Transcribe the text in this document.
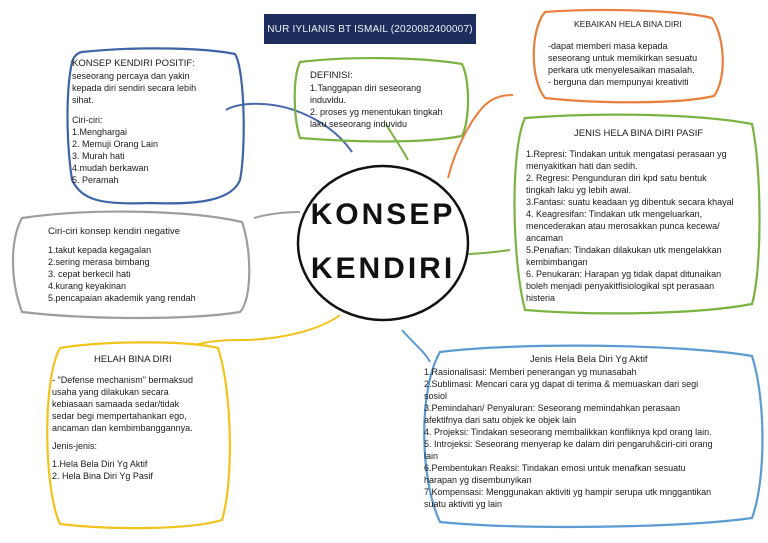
NUR IYLIANIS BT ISMAIL (2020082400007)
KONSEP
KENDIRI

KONSEP KENDIRI POSITIF:

seseorang percaya dan yakin

kepada diri sendiri secara lebih

sihat.

Ciri-ciri:

1.Menghargai

2. Memuji Orang Lain

3. Murah hati

4.mudah berkawan

5. Peramah

DEFINISI:

1.Tanggapan diri seseorang

induvidu.

2. proses yg menentukan tingkah

laku seseorang induvidu

KEBAIKAN HELA BINA DIRI

-dapat memberi masa kepada

seseorang untuk memikirkan sesuatu

perkara utk menyelesaikan masalah.

- berguna dan mempunyai kreativiti

JENIS HELA BINA DIRI PASIF

1.Represi: Tindakan untuk mengatasi perasaan yg

menyakitkan hati dan sedih.

2. Regresi: Pengunduran diri kpd satu bentuk

tingkah laku yg lebih awal.

3.Fantasi: suatu keadaan yg dibentuk secara khayal

4. Keagresifan: Tindakan utk mengeluarkan,

mencederakan atau merosakkan punca kecewa/

ancaman

5.Penafian: Tindakan dilakukan utk mengelakkan

kembimbangan

6. Penukaran: Harapan yg tidak dapat ditunaikan

boleh menjadi penyakitfisiologikal spt perasaan

histeria

Ciri-ciri konsep kendiri negative

1.takut kepada kegagalan

2.sering merasa bimbang

3. cepat berkecil hati

4.kurang keyakinan

5.pencapaian akademik yang rendah

HELAH BINA DIRI

- "Defense mechanism" bermaksud

usaha yang dilakukan secara

kebiasaan samaada sedar/tidak

sedar begi mempertahankan ego,

ancaman dan kembimbanggannya.

Jenis-jenis:

1.Hela Bela Diri Yg Aktif

2. Hela Bina Diri Yg Pasif

Jenis Hela Bela Diri Yg Aktif

1.Rasionalisasi: Memberi penerangan yg munasabah

2.Sublimasi: Mencari cara yg dapat di terima & memuaskan dari segi

sosiol

3.Pemindahan/ Penyaluran: Seseorang memindahkan perasaan

afektifnya dari satu objek ke objek lain

4. Projeksi: Tindakan seseorang membalikkan konfliknya kpd orang lain.

5. Introjeksi: Seseorang menyerap ke dalam diri pengaruh&ciri-ciri orang

lain

6.Pembentukan Reaksi: Tindakan emosi untuk menafkan sesuatu

harapan yg disembunyikan

7.Kompensasi: Menggunakan aktiviti yg hampir serupa utk mnggantikan

suatu aktiviti yg lain
